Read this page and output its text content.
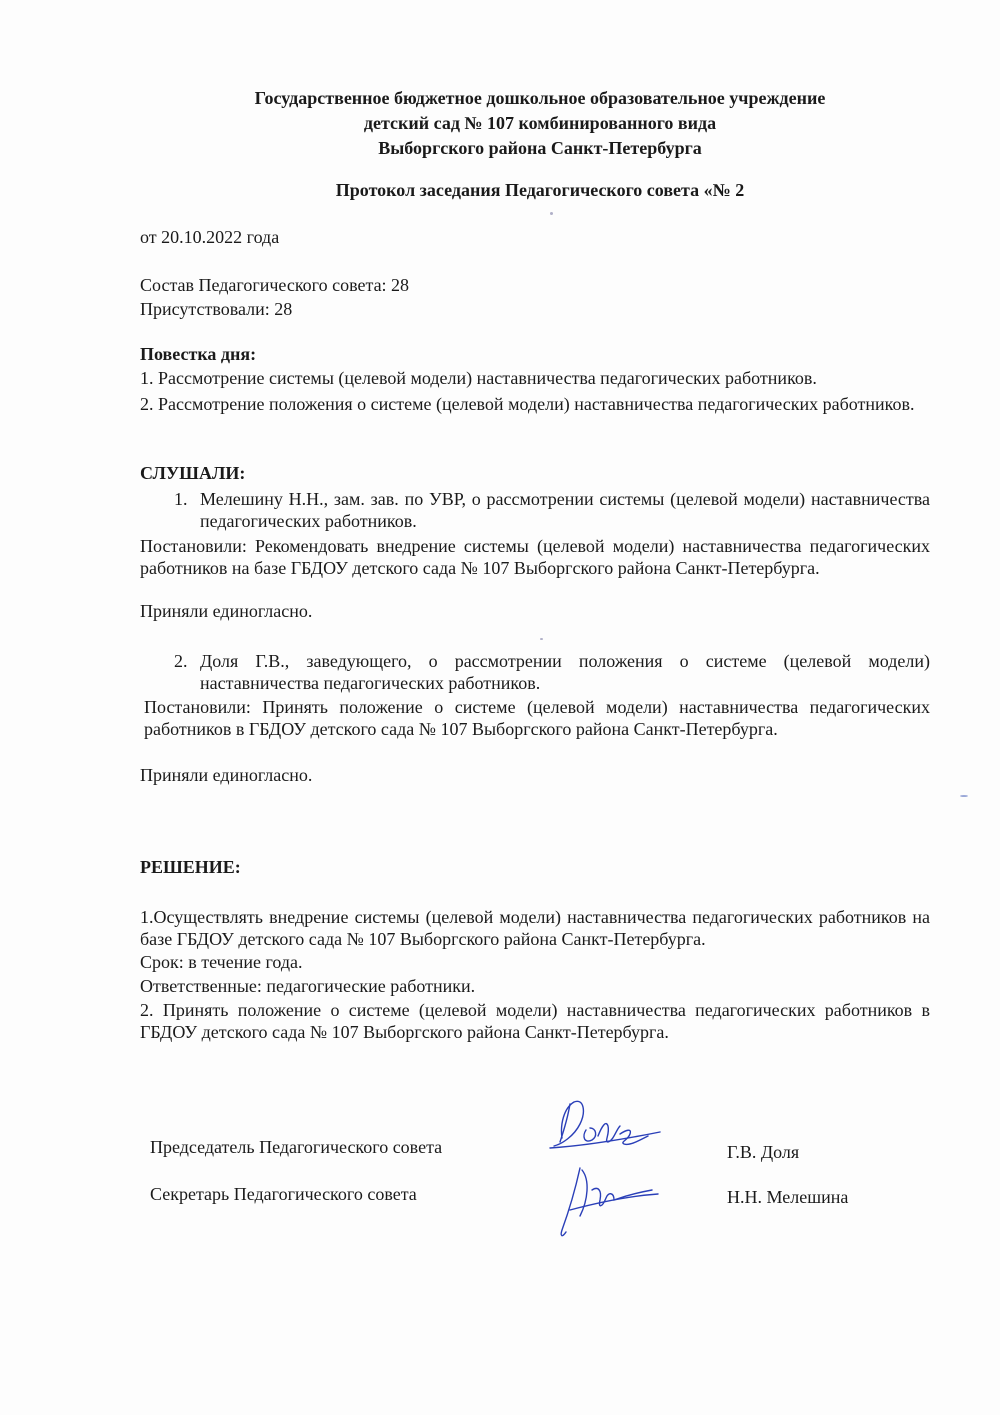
Государственное бюджетное дошкольное образовательное учреждение
детский сад № 107 комбинированного вида
Выборгского района Санкт-Петербурга
Протокол заседания Педагогического совета «№ 2
от 20.10.2022 года
Состав Педагогического совета: 28
Присутствовали: 28
Повестка дня:
1. Рассмотрение системы (целевой модели) наставничества педагогических работников.
2. Рассмотрение положения о системе (целевой модели) наставничества педагогических работников.
СЛУШАЛИ:
1. Мелешину Н.Н., зам. зав. по УВР, о рассмотрении системы (целевой модели) наставничества педагогических работников.
Постановили: Рекомендовать внедрение системы (целевой модели) наставничества педагогических работников на базе ГБДОУ детского сада № 107 Выборгского района Санкт-Петербурга.
Приняли единогласно.
2. Доля Г.В., заведующего, о рассмотрении положения о системе (целевой модели) наставничества педагогических работников.
Постановили: Принять положение о системе (целевой модели) наставничества педагогических работников в ГБДОУ детского сада № 107 Выборгского района Санкт-Петербурга.
Приняли единогласно.
РЕШЕНИЕ:
1.Осуществлять внедрение системы (целевой модели) наставничества педагогических работников на базе ГБДОУ детского сада № 107 Выборгского района Санкт-Петербурга.
Срок: в течение года.
Ответственные: педагогические работники.
2. Принять положение о системе (целевой модели) наставничества педагогических работников в ГБДОУ детского сада № 107 Выборгского района Санкт-Петербурга.
Председатель Педагогического совета	Г.В. Доля
Секретарь Педагогического совета	Н.Н. Мелешина
